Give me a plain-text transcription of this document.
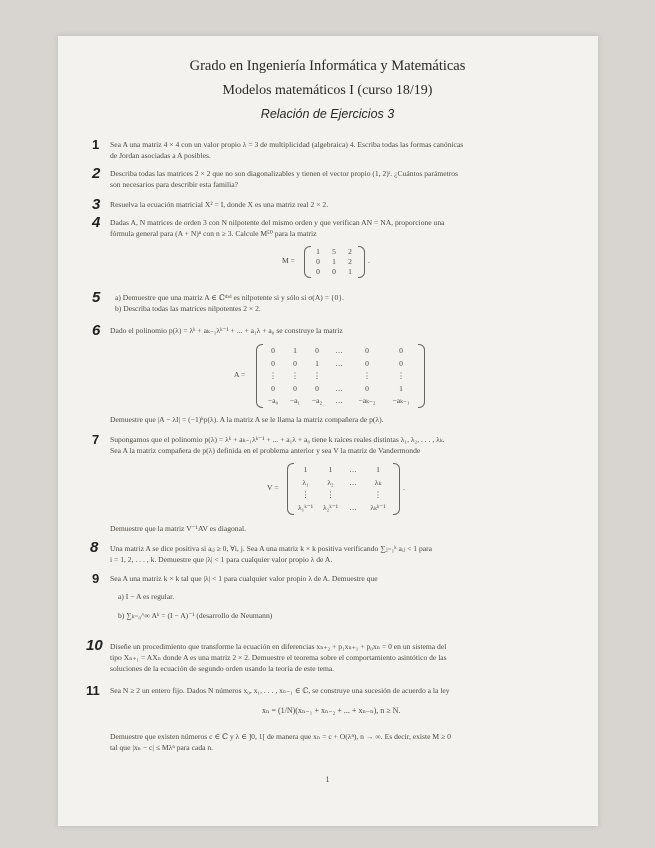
Grado en Ingeniería Informática y Matemáticas
Modelos matemáticos I (curso 18/19)
Relación de Ejercicios 3
1 Sea A una matriz 4 × 4 con un valor propio λ = 3 de multiplicidad (algebraica) 4. Escriba todas las formas canónicas

de Jordan asociadas a A posibles.

2 Describa todas las matrices 2 × 2 que no son diagonalizables y tienen el vector propio (1, 2)ᵗ. ¿Cuántos parámetros

son necesarios para describir esta familia?

3 Resuelva la ecuación matricial X² = I, donde X es una matriz real 2 × 2.

4 Dadas A, N matrices de orden 3 con N nilpotente del mismo orden y que verifican AN = NA, proporcione una

fórmula general para (A + N)ⁿ con n ≥ 3. Calcule M⁵⁰ para la matriz

M =
1	5	2
0	1	2
0	0	1
.
5 a) Demuestre que una matriz A ∈ ℂᵈˣᵈ es nilpotente si y sólo si σ(A) = {0}.

b) Describa todas las matrices nilpotentes 2 × 2.

6 Dado el polinomio p(λ) = λᵏ + aₖ₋₁λᵏ⁻¹ + ... + a₁λ + a₀ se construye la matriz

A =
0	1	0	…	0	0
0	0	1	…	0	0
⋮	⋮	⋮	⋮	⋮
0	0	0	…	0	1
−a₀	−a₁	−a₂	…	−aₖ₋₂	−aₖ₋₁

Demuestre que |A − λI| = (−1)ᵏp(λ). A la matriz A se le llama la matriz compañera de p(λ).

7 Supongamos que el polinomio p(λ) = λᵏ + aₖ₋₁λᵏ⁻¹ + ... + a₁λ + a₀ tiene k raíces reales distintas λ₁, λ₂, . . . , λₖ.

Sea A la matriz compañera de p(λ) definida en el problema anterior y sea V la matriz de Vandermonde

V =
1	1	…	1
λ₁	λ₂	…	λₖ
⋮	⋮	⋮
λ₁ᵏ⁻¹	λ₂ᵏ⁻¹	…	λₖᵏ⁻¹
.

Demuestre que la matriz V⁻¹AV es diagonal.

8 Una matriz A se dice positiva si aᵢⱼ ≥ 0, ∀i, j. Sea A una matriz k × k positiva verificando ∑ⱼ₌₁ᵏ aᵢⱼ < 1 para

i = 1, 2, . . . , k. Demuestre que |λ| < 1 para cualquier valor propio λ de A.

9 Sea A una matriz k × k tal que |λ| < 1 para cualquier valor propio λ de A. Demuestre que

a) I − A es regular.

b) ∑ₖ₌₀^∞ Aᵏ = (I − A)⁻¹ (desarrollo de Neumann)

10 Diseñe un procedimiento que transforme la ecuación en diferencias xₙ₊₂ + p₁xₙ₊₁ + p₀xₙ = 0 en un sistema del

tipo Xₙ₊₁ = AXₙ donde A es una matriz 2 × 2. Demuestre el teorema sobre el comportamiento asintótico de las

soluciones de la ecuación de segundo orden usando la teoría de este tema.

11 Sea N ≥ 2 un entero fijo. Dados N números x₀, x₁, . . . , xₙ₋₁ ∈ ℂ, se construye una sucesión de acuerdo a la ley

xₙ = (1/N)(xₙ₋₁ + xₙ₋₂ + ... + xₙ₋ₙ), n ≥ N.

Demuestre que existen números c ∈ ℂ y λ ∈ ]0, 1[ de manera que xₙ = c + O(λⁿ), n → ∞. Es decir, existe M ≥ 0

tal que |xₙ − c| ≤ Mλⁿ para cada n.

1
